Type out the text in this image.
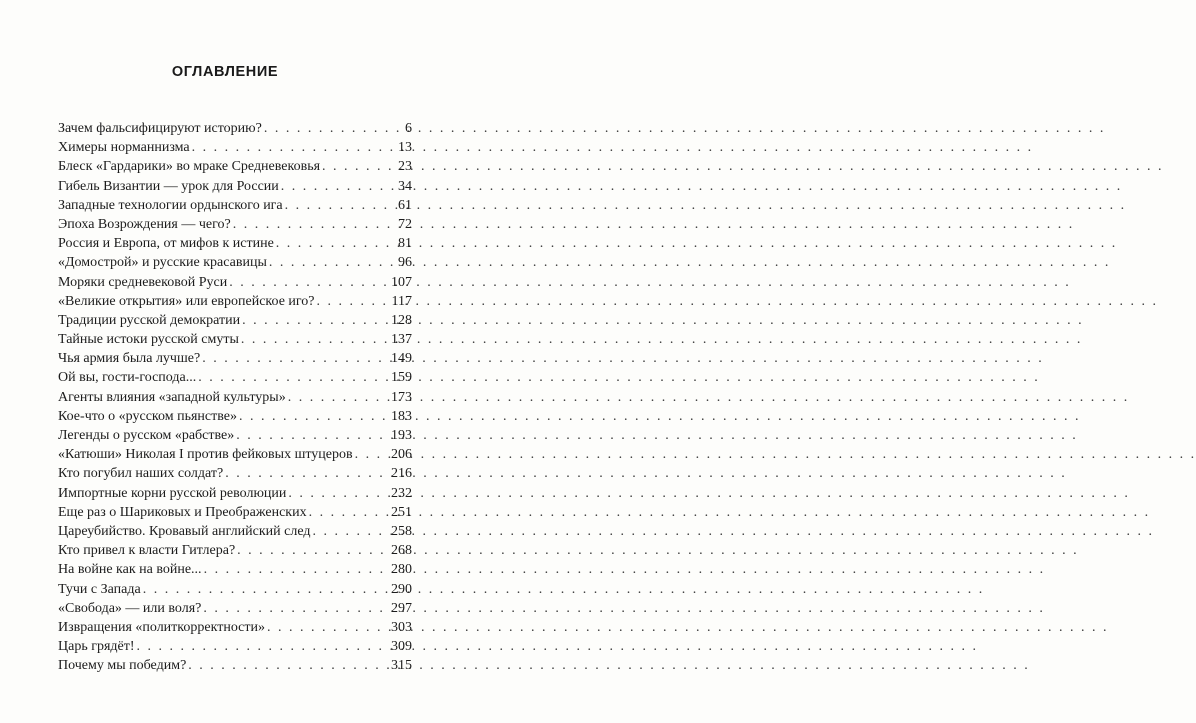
ОГЛАВЛЕНИЕ
Зачем фальсифицируют историю? . . .	6
Химеры норманнизма . . .	13
Блеск «Гардарики» во мраке Средневековья . . .	23
Гибель Византии — урок для России . . .	34
Западные технологии ордынского ига . . .	61
Эпоха Возрождения — чего? . . .	72
Россия и Европа, от мифов к истине . . .	81
«Домострой» и русские красавицы . . .	96
Моряки средневековой Руси . . .	107
«Великие открытия» или европейское иго? . . .	117
Традиции русской демократии . . .	128
Тайные истоки русской смуты . . .	137
Чья армия была лучше? . . .	149
Ой вы, гости-господа... . . .	159
Агенты влияния «западной культуры» . . .	173
Кое-что о «русском пьянстве» . . .	183
Легенды о русском «рабстве» . . .	193
«Катюши» Николая I против фейковых штуцеров . . .	206
Кто погубил наших солдат? . . .	216
Импортные корни русской революции . . .	232
Еще раз о Шариковых и Преображенских . . .	251
Цареубийство. Кровавый английский след . . .	258
Кто привел к власти Гитлера? . . .	268
На войне как на войне... . . .	280
Тучи с Запада . . .	290
«Свобода» — или воля? . . .	297
Извращения «политкорректности» . . .	303
Царь грядёт! . . .	309
Почему мы победим? . . .	315
